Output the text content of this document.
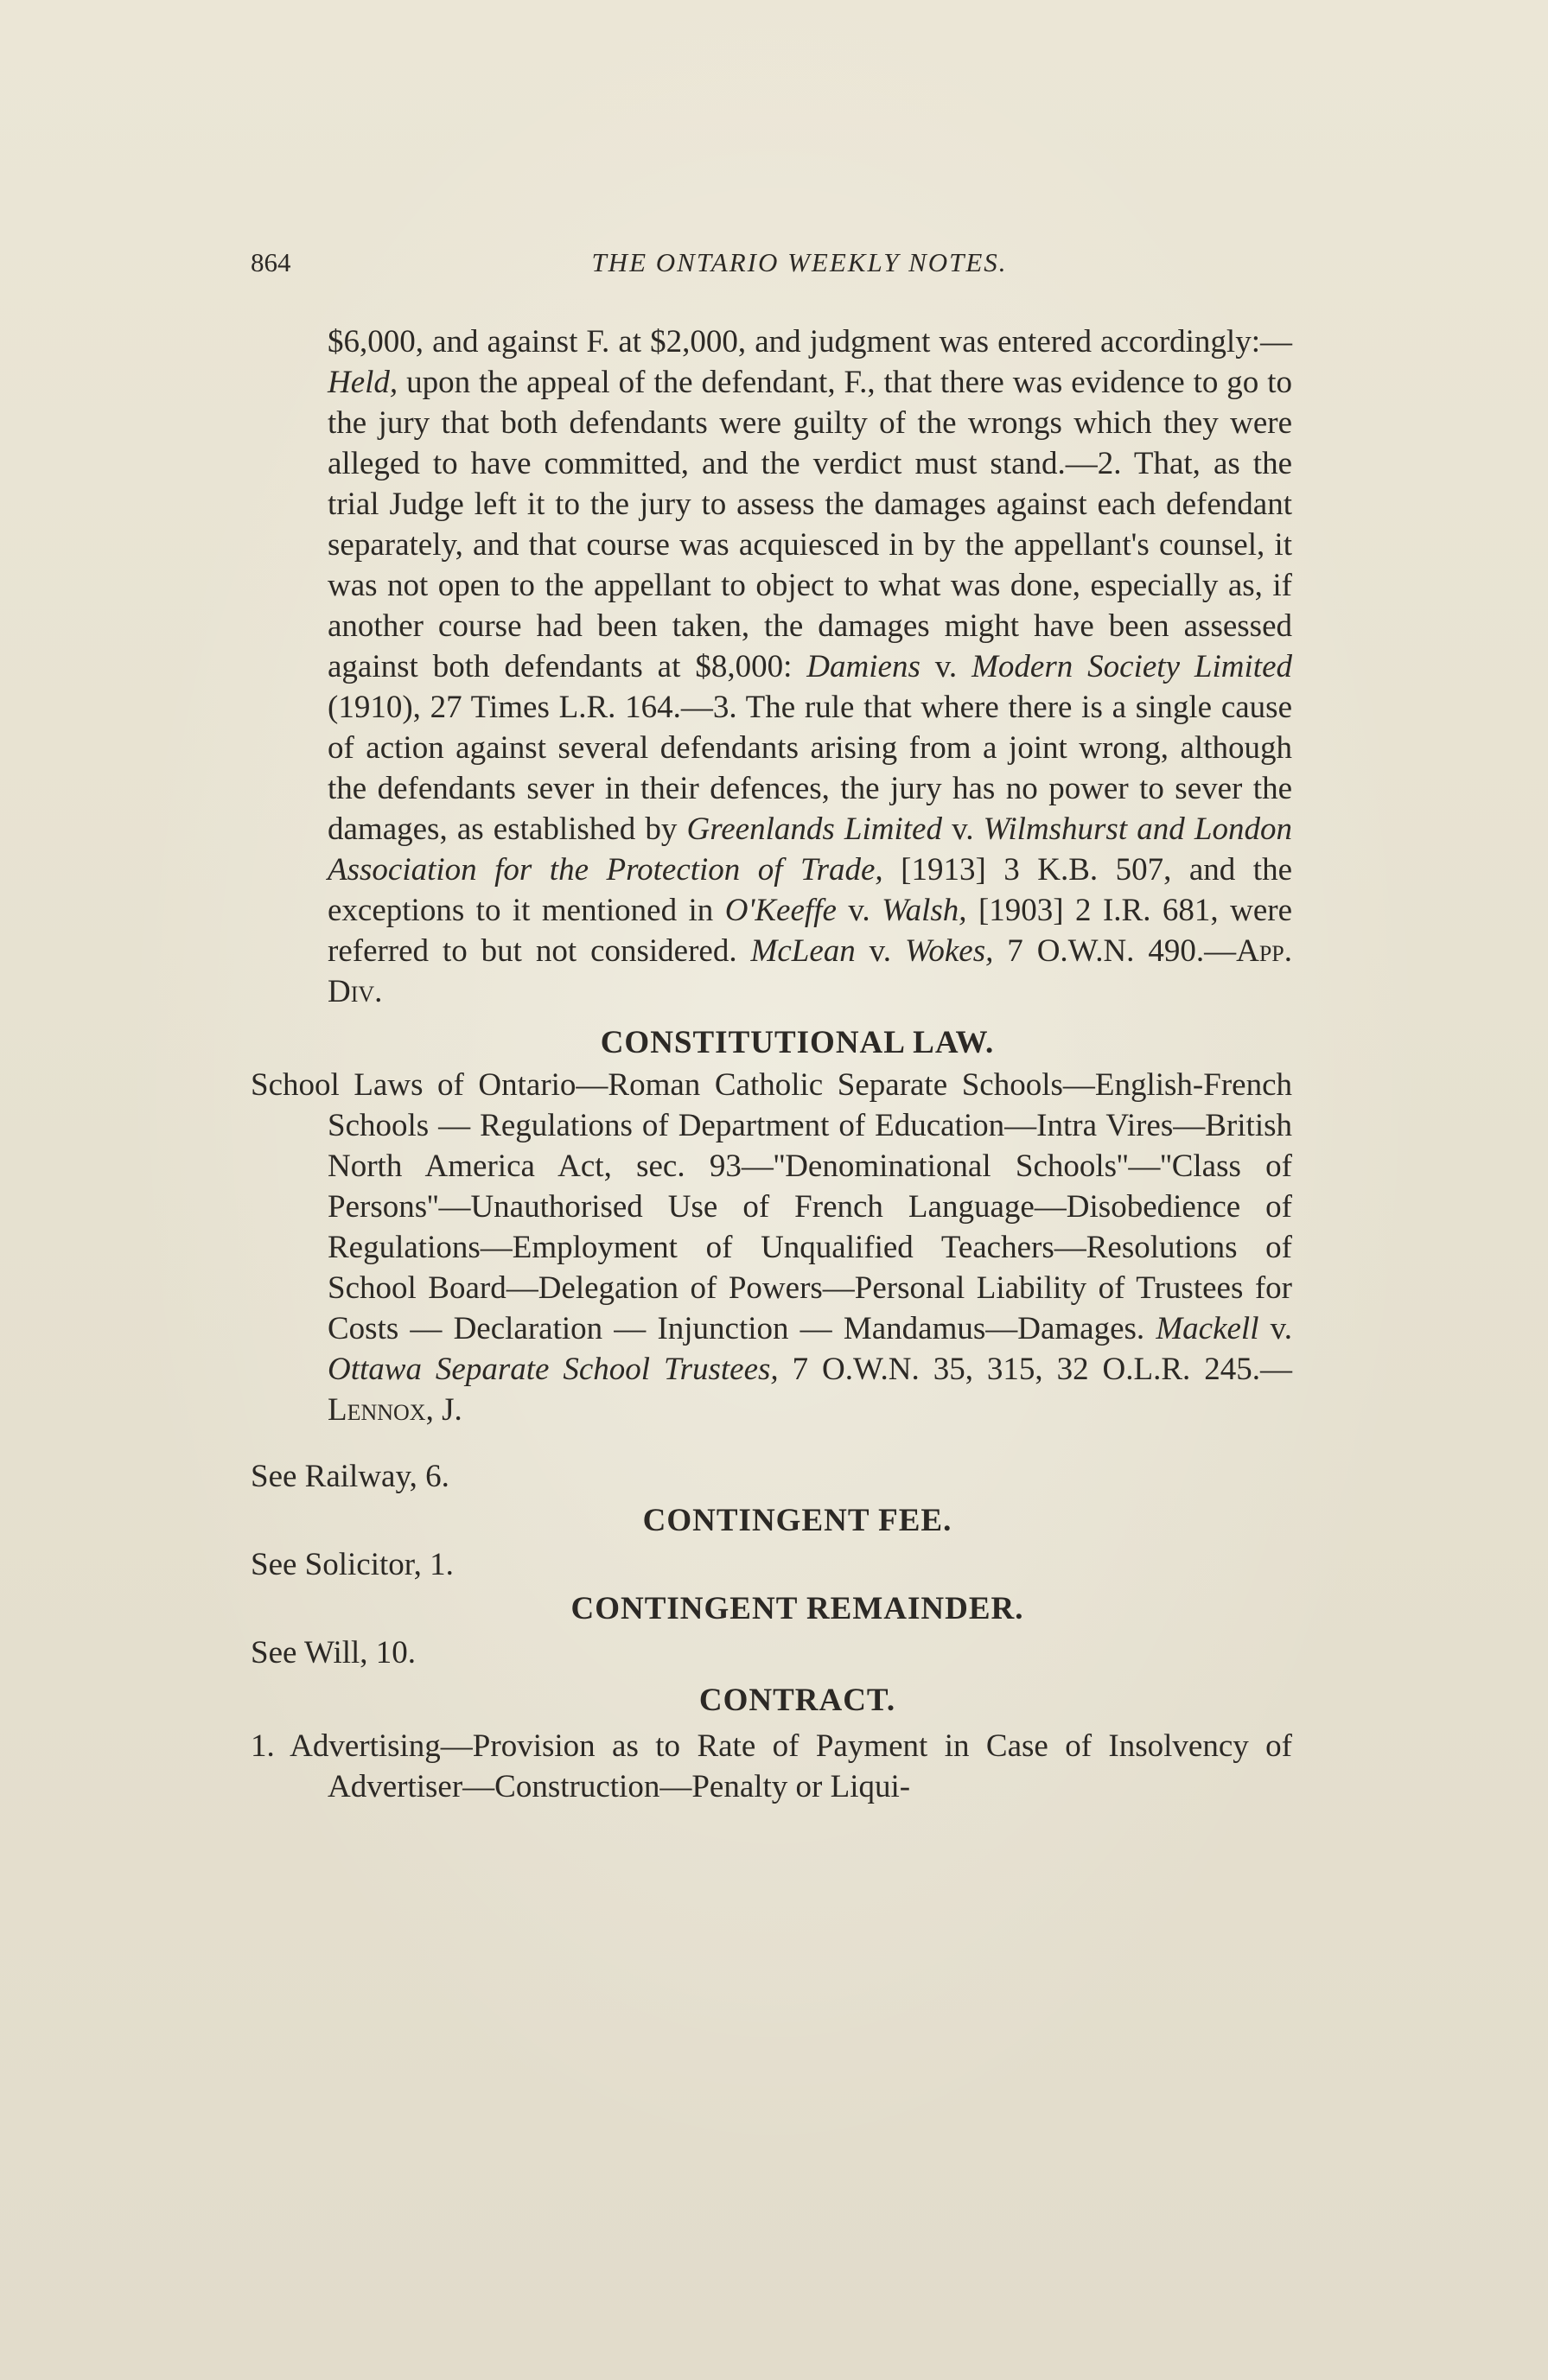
864	THE ONTARIO WEEKLY NOTES.

$6,000, and against F. at $2,000, and judgment was entered accordingly:—Held, upon the appeal of the defendant, F., that there was evidence to go to the jury that both defendants were guilty of the wrongs which they were alleged to have committed, and the verdict must stand.—2. That, as the trial Judge left it to the jury to assess the damages against each defendant separately, and that course was acquiesced in by the appellant's counsel, it was not open to the appellant to object to what was done, especially as, if another course had been taken, the damages might have been assessed against both defendants at $8,000: Damiens v. Modern Society Limited (1910), 27 Times L.R. 164.—3. The rule that where there is a single cause of action against several defendants arising from a joint wrong, although the defendants sever in their defences, the jury has no power to sever the damages, as established by Greenlands Limited v. Wilmshurst and London Association for the Protection of Trade, [1913] 3 K.B. 507, and the exceptions to it mentioned in O'Keeffe v. Walsh, [1903] 2 I.R. 681, were referred to but not considered. McLean v. Wokes, 7 O.W.N. 490.—App. Div.

CONSTITUTIONAL LAW.

School Laws of Ontario—Roman Catholic Separate Schools—English-French Schools — Regulations of Department of Education—Intra Vires—British North America Act, sec. 93—''Denominational Schools''—''Class of Persons''—Unauthorised Use of French Language—Disobedience of Regulations—Employment of Unqualified Teachers—Resolutions of School Board—Delegation of Powers—Personal Liability of Trustees for Costs — Declaration — Injunction — Mandamus—Damages. Mackell v. Ottawa Separate School Trustees, 7 O.W.N. 35, 315, 32 O.L.R. 245.—Lennox, J.

See Railway, 6.

CONTINGENT FEE.

See Solicitor, 1.

CONTINGENT REMAINDER.

See Will, 10.

CONTRACT.
1. Advertising—Provision as to Rate of Payment in Case of Insolvency of Advertiser—Construction—Penalty or Liqui-
